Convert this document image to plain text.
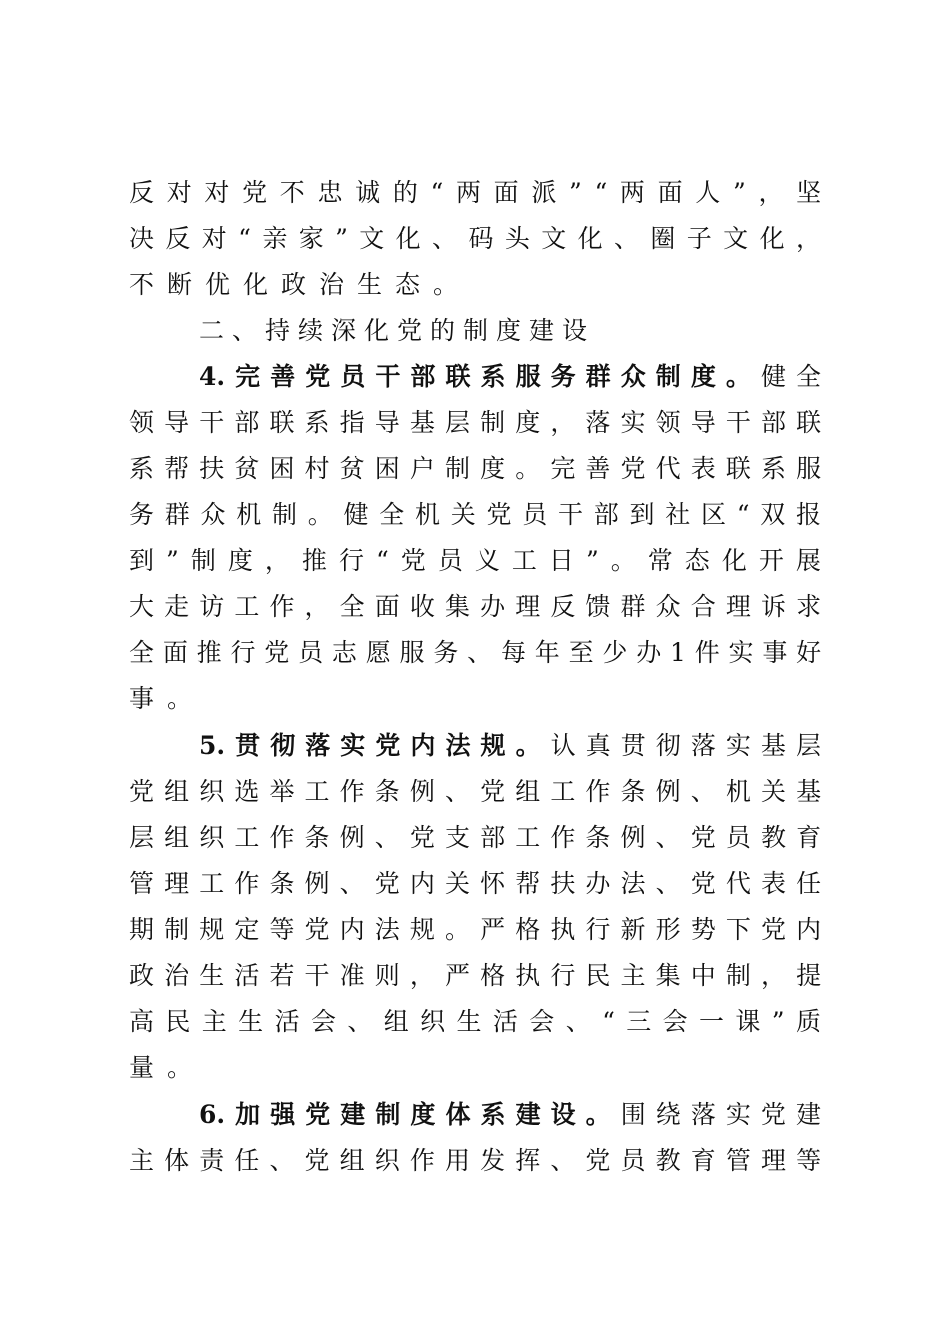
反 对 对 党 不 忠 诚 的 “ 两 面 派 ” “ 两 面 人 ” ， 坚
决 反 对 “ 亲 家 ” 文 化 、 码 头 文 化 、 圈 子 文 化 ，
不断优化政治生态。
二、持续深化党的制度建设
4.完善党员干部联系服务群众制度。健全
领 导 干 部 联 系 指 导 基 层 制 度 ， 落 实 领 导 干 部 联
系 帮 扶 贫 困 村 贫 困 户 制 度 。 完 善 党 代 表 联 系 服
务 群 众 机 制 。 健 全 机 关 党 员 干 部 到 社 区 “ 双 报
到 ” 制 度 ， 推 行 “ 党 员 义 工 日 ” 。 常 态 化 开 展
大 走 访 工 作 ， 全 面 收 集 办 理 反 馈 群 众 合 理 诉 求
全 面 推 行 党 员 志 愿 服 务 、 每 年 至 少 办 1 件 实 事 好
事。
5.贯彻落实党内法规。认真贯彻落实基层
党 组 织 选 举 工 作 条 例 、 党 组 工 作 条 例 、 机 关 基
层 组 织 工 作 条 例 、 党 支 部 工 作 条 例 、 党 员 教 育
管 理 工 作 条 例 、 党 内 关 怀 帮 扶 办 法 、 党 代 表 任
期 制 规 定 等 党 内 法 规 。 严 格 执 行 新 形 势 下 党 内
政 治 生 活 若 干 准 则 ， 严 格 执 行 民 主 集 中 制 ， 提
高 民 主 生 活 会 、 组 织 生 活 会 、 “ 三 会 一 课 ” 质
量。
6.加强党建制度体系建设。围绕落实党建
主 体 责 任 、 党 组 织 作 用 发 挥 、 党 员 教 育 管 理 等
